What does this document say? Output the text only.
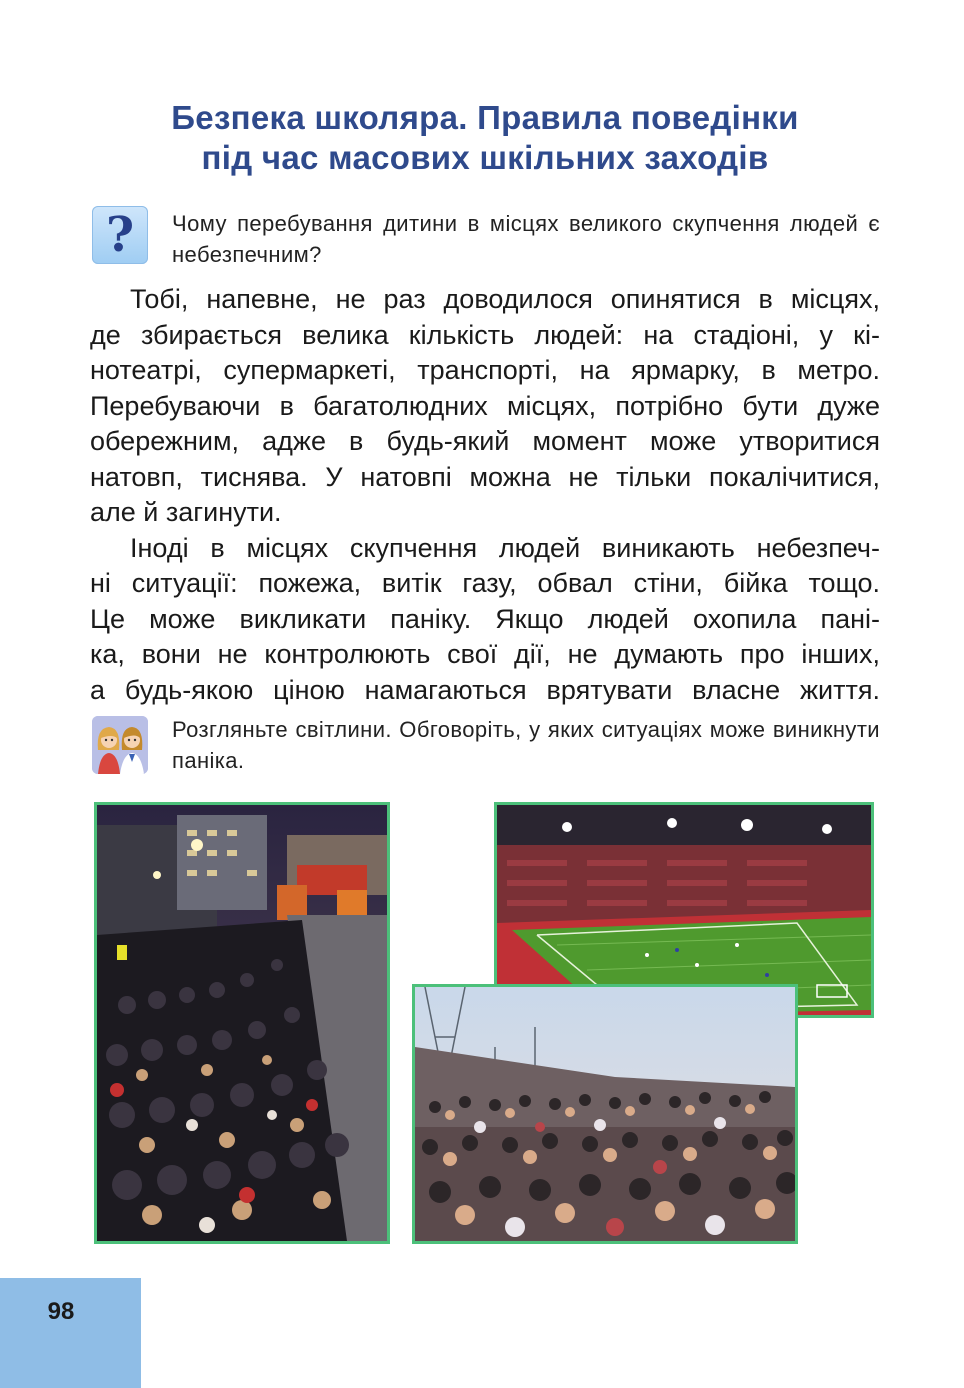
Безпека школяра. Правила поведінки
під час масових шкільних заходів
?	Чому перебування дитини в місцях великого скупчення людей є небезпечним?
Тобі, напевне, не раз доводилося опинятися в місцях,
де збирається велика кількість людей: на стадіоні, у кі-
нотеатрі, супермаркеті, транспорті, на ярмарку, в метро.
Перебуваючи в багатолюдних місцях, потрібно бути дуже
обережним, адже в будь-який момент може утворитися
натовп, тиснява. У натовпі можна не тільки покалічитися,
але й загинути.
Іноді в місцях скупчення людей виникають небезпеч-
ні ситуації: пожежа, витік газу, обвал стіни, бійка тощо.
Це може викликати паніку. Якщо людей охопила пані-
ка, вони не контролюють свої дії, не думають про інших,
а будь-якою ціною намагаються врятувати власне життя.
Розгляньте світлини. Обговоріть, у яких ситуаціях може виникнути паніка.
98
